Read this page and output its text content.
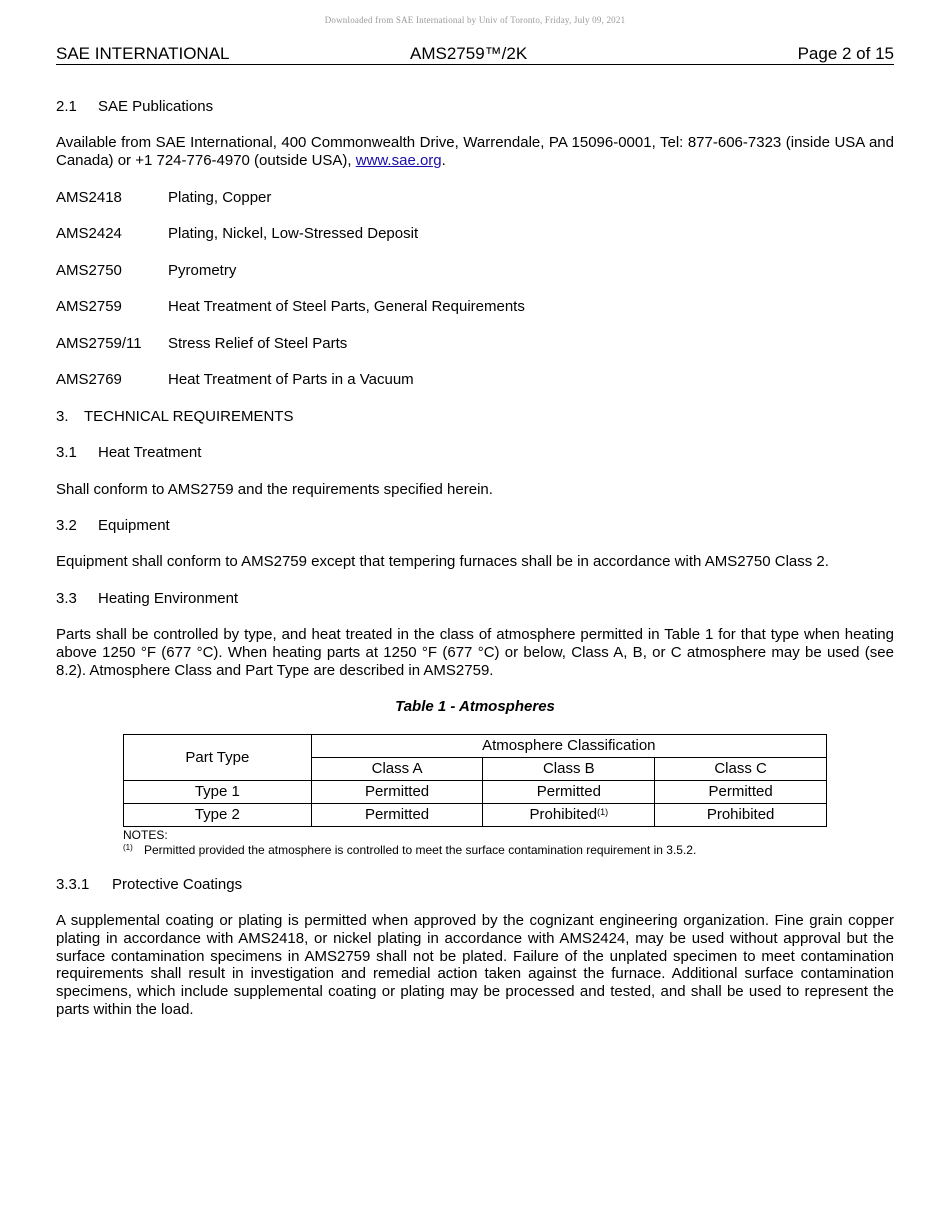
Downloaded from SAE International by Univ of Toronto, Friday, July 09, 2021
SAE INTERNATIONAL	AMS2759™/2K	Page 2 of 15
2.1 SAE Publications
Available from SAE International, 400 Commonwealth Drive, Warrendale, PA 15096-0001, Tel: 877-606-7323 (inside USA and Canada) or +1 724-776-4970 (outside USA), www.sae.org.
AMS2418	Plating, Copper
AMS2424	Plating, Nickel, Low-Stressed Deposit
AMS2750	Pyrometry
AMS2759	Heat Treatment of Steel Parts, General Requirements
AMS2759/11 Stress Relief of Steel Parts
AMS2769	Heat Treatment of Parts in a Vacuum
3. TECHNICAL REQUIREMENTS
3.1 Heat Treatment
Shall conform to AMS2759 and the requirements specified herein.
3.2 Equipment
Equipment shall conform to AMS2759 except that tempering furnaces shall be in accordance with AMS2750 Class 2.
3.3 Heating Environment
Parts shall be controlled by type, and heat treated in the class of atmosphere permitted in Table 1 for that type when heating above 1250 °F (677 °C). When heating parts at 1250 °F (677 °C) or below, Class A, B, or C atmosphere may be used (see 8.2). Atmosphere Class and Part Type are described in AMS2759.
Table 1 - Atmospheres
Part Type	Atmosphere Classification		
	Class A	Class B	Class C
Type 1	Permitted	Permitted	Permitted
Type 2	Permitted	Prohibited$^{(1)}$	Prohibited
NOTES:
(1) Permitted provided the atmosphere is controlled to meet the surface contamination requirement in 3.5.2.
3.3.1 Protective Coatings
A supplemental coating or plating is permitted when approved by the cognizant engineering organization. Fine grain copper plating in accordance with AMS2418, or nickel plating in accordance with AMS2424, may be used without approval but the surface contamination specimens in AMS2759 shall not be plated. Failure of the unplated specimen to meet contamination requirements shall result in investigation and remedial action taken against the furnace. Additional surface contamination specimens, which include supplemental coating or plating may be processed and tested, and shall be used to represent the parts within the load.
